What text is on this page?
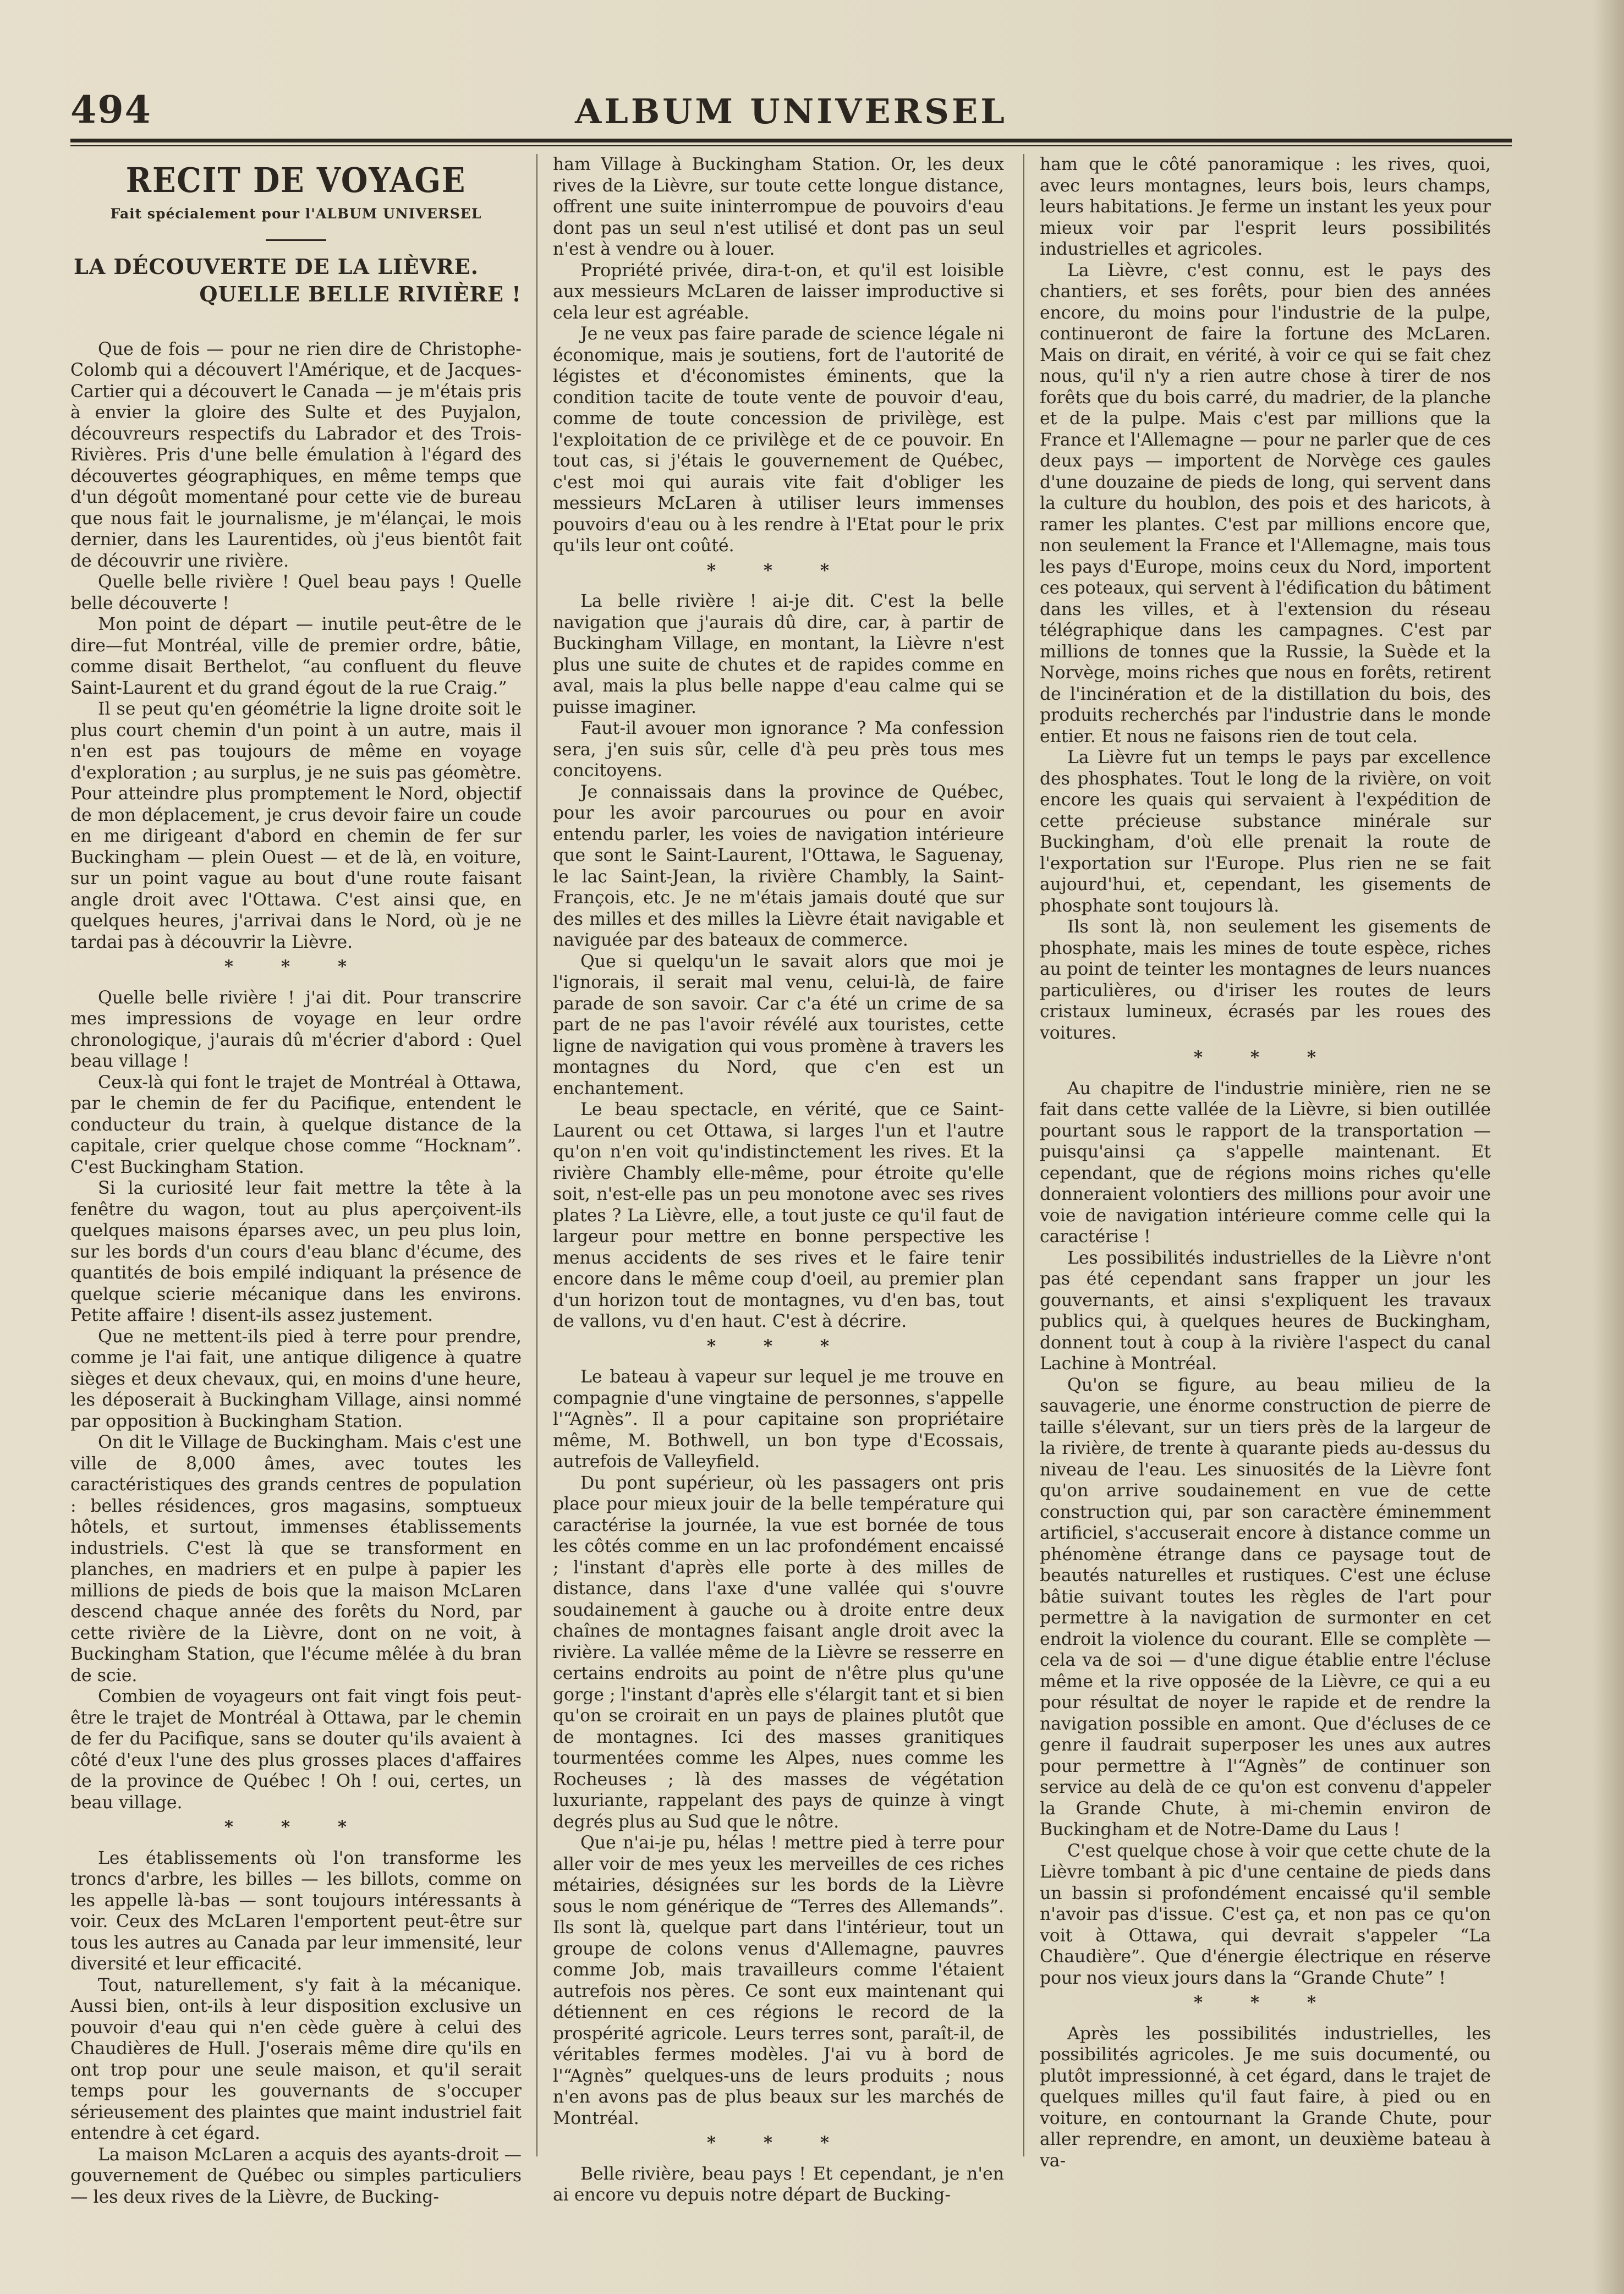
494	ALBUM UNIVERSEL
RECIT DE VOYAGE
Fait spécialement pour l'ALBUM UNIVERSEL
LA DÉCOUVERTE DE LA LIÈVRE.
QUELLE BELLE RIVIÈRE !

Que de fois — pour ne rien dire de Christophe-Colomb qui a découvert l'Amérique, et de Jacques-Cartier qui a découvert le Canada — je m'étais pris à envier la gloire des Sulte et des Puyjalon, découvreurs respectifs du Labrador et des Trois-Rivières. Pris d'une belle émulation à l'égard des découvertes géographiques, en même temps que d'un dégoût momentané pour cette vie de bureau que nous fait le journalisme, je m'élançai, le mois dernier, dans les Laurentides, où j'eus bientôt fait de découvrir une rivière.

Quelle belle rivière ! Quel beau pays ! Quelle belle découverte !

Mon point de départ — inutile peut-être de le dire—fut Montréal, ville de premier ordre, bâtie, comme disait Berthelot, “au confluent du fleuve Saint-Laurent et du grand égout de la rue Craig.”

Il se peut qu'en géométrie la ligne droite soit le plus court chemin d'un point à un autre, mais il n'en est pas toujours de même en voyage d'exploration ; au surplus, je ne suis pas géomètre. Pour atteindre plus promptement le Nord, objectif de mon déplacement, je crus devoir faire un coude en me dirigeant d'abord en chemin de fer sur Buckingham — plein Ouest — et de là, en voiture, sur un point vague au bout d'une route faisant angle droit avec l'Ottawa. C'est ainsi que, en quelques heures, j'arrivai dans le Nord, où je ne tardai pas à découvrir la Lièvre.

* * *

Quelle belle rivière ! j'ai dit. Pour transcrire mes impressions de voyage en leur ordre chronologique, j'aurais dû m'écrier d'abord : Quel beau village !

Ceux-là qui font le trajet de Montréal à Ottawa, par le chemin de fer du Pacifique, entendent le conducteur du train, à quelque distance de la capitale, crier quelque chose comme “Hocknam”. C'est Buckingham Station.

Si la curiosité leur fait mettre la tête à la fenêtre du wagon, tout au plus aperçoivent-ils quelques maisons éparses avec, un peu plus loin, sur les bords d'un cours d'eau blanc d'écume, des quantités de bois empilé indiquant la présence de quelque scierie mécanique dans les environs. Petite affaire ! disent-ils assez justement.

Que ne mettent-ils pied à terre pour prendre, comme je l'ai fait, une antique diligence à quatre sièges et deux chevaux, qui, en moins d'une heure, les déposerait à Buckingham Village, ainsi nommé par opposition à Buckingham Station.

On dit le Village de Buckingham. Mais c'est une ville de 8,000 âmes, avec toutes les caractéristiques des grands centres de population : belles résidences, gros magasins, somptueux hôtels, et surtout, immenses établissements industriels. C'est là que se transforment en planches, en madriers et en pulpe à papier les millions de pieds de bois que la maison McLaren descend chaque année des forêts du Nord, par cette rivière de la Lièvre, dont on ne voit, à Buckingham Station, que l'écume mêlée à du bran de scie.

Combien de voyageurs ont fait vingt fois peut-être le trajet de Montréal à Ottawa, par le chemin de fer du Pacifique, sans se douter qu'ils avaient à côté d'eux l'une des plus grosses places d'affaires de la province de Québec ! Oh ! oui, certes, un beau village.

* * *

Les établissements où l'on transforme les troncs d'arbre, les billes — les billots, comme on les appelle là-bas — sont toujours intéressants à voir. Ceux des McLaren l'emportent peut-être sur tous les autres au Canada par leur immensité, leur diversité et leur efficacité.

Tout, naturellement, s'y fait à la mécanique. Aussi bien, ont-ils à leur disposition exclusive un pouvoir d'eau qui n'en cède guère à celui des Chaudières de Hull. J'oserais même dire qu'ils en ont trop pour une seule maison, et qu'il serait temps pour les gouvernants de s'occuper sérieusement des plaintes que maint industriel fait entendre à cet égard.

La maison McLaren a acquis des ayants-droit —gouvernement de Québec ou simples particuliers — les deux rives de la Lièvre, de Bucking-

ham Village à Buckingham Station. Or, les deux rives de la Lièvre, sur toute cette longue distance, offrent une suite ininterrompue de pouvoirs d'eau dont pas un seul n'est utilisé et dont pas un seul n'est à vendre ou à louer.

Propriété privée, dira-t-on, et qu'il est loisible aux messieurs McLaren de laisser improductive si cela leur est agréable.

Je ne veux pas faire parade de science légale ni économique, mais je soutiens, fort de l'autorité de légistes et d'économistes éminents, que la condition tacite de toute vente de pouvoir d'eau, comme de toute concession de privilège, est l'exploitation de ce privilège et de ce pouvoir. En tout cas, si j'étais le gouvernement de Québec, c'est moi qui aurais vite fait d'obliger les messieurs McLaren à utiliser leurs immenses pouvoirs d'eau ou à les rendre à l'Etat pour le prix qu'ils leur ont coûté.

* * *

La belle rivière ! ai-je dit. C'est la belle navigation que j'aurais dû dire, car, à partir de Buckingham Village, en montant, la Lièvre n'est plus une suite de chutes et de rapides comme en aval, mais la plus belle nappe d'eau calme qui se puisse imaginer.

Faut-il avouer mon ignorance ? Ma confession sera, j'en suis sûr, celle d'à peu près tous mes concitoyens.

Je connaissais dans la province de Québec, pour les avoir parcourues ou pour en avoir entendu parler, les voies de navigation intérieure que sont le Saint-Laurent, l'Ottawa, le Saguenay, le lac Saint-Jean, la rivière Chambly, la Saint-François, etc. Je ne m'étais jamais douté que sur des milles et des milles la Lièvre était navigable et naviguée par des bateaux de commerce.

Que si quelqu'un le savait alors que moi je l'ignorais, il serait mal venu, celui-là, de faire parade de son savoir. Car c'a été un crime de sa part de ne pas l'avoir révélé aux touristes, cette ligne de navigation qui vous promène à travers les montagnes du Nord, que c'en est un enchantement.

Le beau spectacle, en vérité, que ce Saint-Laurent ou cet Ottawa, si larges l'un et l'autre qu'on n'en voit qu'indistinctement les rives. Et la rivière Chambly elle-même, pour étroite qu'elle soit, n'est-elle pas un peu monotone avec ses rives plates ? La Lièvre, elle, a tout juste ce qu'il faut de largeur pour mettre en bonne perspective les menus accidents de ses rives et le faire tenir encore dans le même coup d'oeil, au premier plan d'un horizon tout de montagnes, vu d'en bas, tout de vallons, vu d'en haut. C'est à décrire.

* * *

Le bateau à vapeur sur lequel je me trouve en compagnie d'une vingtaine de personnes, s'appelle l'“Agnès”. Il a pour capitaine son propriétaire même, M. Bothwell, un bon type d'Ecossais, autrefois de Valleyfield.

Du pont supérieur, où les passagers ont pris place pour mieux jouir de la belle température qui caractérise la journée, la vue est bornée de tous les côtés comme en un lac profondément encaissé ; l'instant d'après elle porte à des milles de distance, dans l'axe d'une vallée qui s'ouvre soudainement à gauche ou à droite entre deux chaînes de montagnes faisant angle droit avec la rivière. La vallée même de la Lièvre se resserre en certains endroits au point de n'être plus qu'une gorge ; l'instant d'après elle s'élargit tant et si bien qu'on se croirait en un pays de plaines plutôt que de montagnes. Ici des masses granitiques tourmentées comme les Alpes, nues comme les Rocheuses ; là des masses de végétation luxuriante, rappelant des pays de quinze à vingt degrés plus au Sud que le nôtre.

Que n'ai-je pu, hélas ! mettre pied à terre pour aller voir de mes yeux les merveilles de ces riches métairies, désignées sur les bords de la Lièvre sous le nom générique de “Terres des Allemands”. Ils sont là, quelque part dans l'intérieur, tout un groupe de colons venus d'Allemagne, pauvres comme Job, mais travailleurs comme l'étaient autrefois nos pères. Ce sont eux maintenant qui détiennent en ces régions le record de la prospérité agricole. Leurs terres sont, paraît-il, de véritables fermes modèles. J'ai vu à bord de l'“Agnès” quelques-uns de leurs produits ; nous n'en avons pas de plus beaux sur les marchés de Montréal.

* * *

Belle rivière, beau pays ! Et cependant, je n'en ai encore vu depuis notre départ de Bucking-

ham que le côté panoramique : les rives, quoi, avec leurs montagnes, leurs bois, leurs champs, leurs habitations. Je ferme un instant les yeux pour mieux voir par l'esprit leurs possibilités industrielles et agricoles.

La Lièvre, c'est connu, est le pays des chantiers, et ses forêts, pour bien des années encore, du moins pour l'industrie de la pulpe, continueront de faire la fortune des McLaren. Mais on dirait, en vérité, à voir ce qui se fait chez nous, qu'il n'y a rien autre chose à tirer de nos forêts que du bois carré, du madrier, de la planche et de la pulpe. Mais c'est par millions que la France et l'Allemagne — pour ne parler que de ces deux pays — importent de Norvège ces gaules d'une douzaine de pieds de long, qui servent dans la culture du houblon, des pois et des haricots, à ramer les plantes. C'est par millions encore que, non seulement la France et l'Allemagne, mais tous les pays d'Europe, moins ceux du Nord, importent ces poteaux, qui servent à l'édification du bâtiment dans les villes, et à l'extension du réseau télégraphique dans les campagnes. C'est par millions de tonnes que la Russie, la Suède et la Norvège, moins riches que nous en forêts, retirent de l'incinération et de la distillation du bois, des produits recherchés par l'industrie dans le monde entier. Et nous ne faisons rien de tout cela.

La Lièvre fut un temps le pays par excellence des phosphates. Tout le long de la rivière, on voit encore les quais qui servaient à l'expédition de cette précieuse substance minérale sur Buckingham, d'où elle prenait la route de l'exportation sur l'Europe. Plus rien ne se fait aujourd'hui, et, cependant, les gisements de phosphate sont toujours là.

Ils sont là, non seulement les gisements de phosphate, mais les mines de toute espèce, riches au point de teinter les montagnes de leurs nuances particulières, ou d'iriser les routes de leurs cristaux lumineux, écrasés par les roues des voitures.

* * *

Au chapitre de l'industrie minière, rien ne se fait dans cette vallée de la Lièvre, si bien outillée pourtant sous le rapport de la transportation — puisqu'ainsi ça s'appelle maintenant. Et cependant, que de régions moins riches qu'elle donneraient volontiers des millions pour avoir une voie de navigation intérieure comme celle qui la caractérise !

Les possibilités industrielles de la Lièvre n'ont pas été cependant sans frapper un jour les gouvernants, et ainsi s'expliquent les travaux publics qui, à quelques heures de Buckingham, donnent tout à coup à la rivière l'aspect du canal Lachine à Montréal.

Qu'on se figure, au beau milieu de la sauvagerie, une énorme construction de pierre de taille s'élevant, sur un tiers près de la largeur de la rivière, de trente à quarante pieds au-dessus du niveau de l'eau. Les sinuosités de la Lièvre font qu'on arrive soudainement en vue de cette construction qui, par son caractère éminemment artificiel, s'accuserait encore à distance comme un phénomène étrange dans ce paysage tout de beautés naturelles et rustiques. C'est une écluse bâtie suivant toutes les règles de l'art pour permettre à la navigation de surmonter en cet endroit la violence du courant. Elle se complète — cela va de soi — d'une digue établie entre l'écluse même et la rive opposée de la Lièvre, ce qui a eu pour résultat de noyer le rapide et de rendre la navigation possible en amont. Que d'écluses de ce genre il faudrait superposer les unes aux autres pour permettre à l'“Agnès” de continuer son service au delà de ce qu'on est convenu d'appeler la Grande Chute, à mi-chemin environ de Buckingham et de Notre-Dame du Laus !

C'est quelque chose à voir que cette chute de la Lièvre tombant à pic d'une centaine de pieds dans un bassin si profondément encaissé qu'il semble n'avoir pas d'issue. C'est ça, et non pas ce qu'on voit à Ottawa, qui devrait s'appeler “La Chaudière”. Que d'énergie électrique en réserve pour nos vieux jours dans la “Grande Chute” !

* * *

Après les possibilités industrielles, les possibilités agricoles. Je me suis documenté, ou plutôt impressionné, à cet égard, dans le trajet de quelques milles qu'il faut faire, à pied ou en voiture, en contournant la Grande Chute, pour aller reprendre, en amont, un deuxième bateau à va-
